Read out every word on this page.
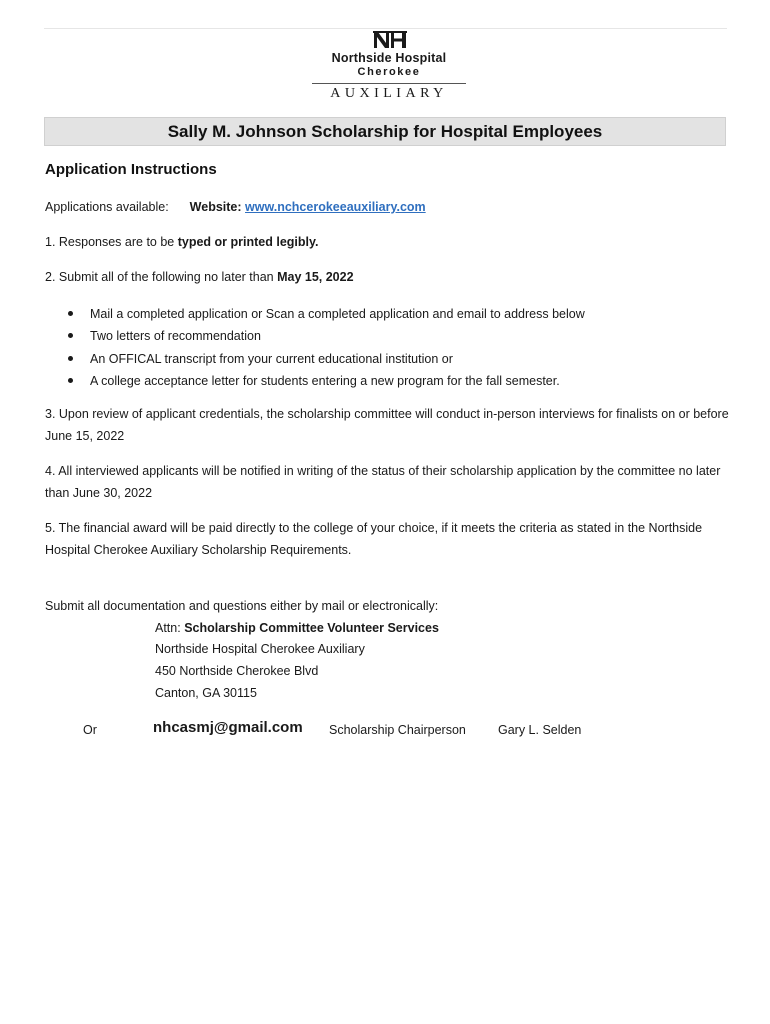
Northside Hospital
Cherokee
AUXILIARY
Sally M. Johnson Scholarship for Hospital Employees
Application Instructions
Applications available: Website: www.nchcerokeeauxiliary.com
1. Responses are to be typed or printed legibly.
2. Submit all of the following no later than May 15, 2022
Mail a completed application or Scan a completed application and email to address below
Two letters of recommendation
An OFFICAL transcript from your current educational institution or
A college acceptance letter for students entering a new program for the fall semester.
3. Upon review of applicant credentials, the scholarship committee will conduct in-person interviews for finalists on or before June 15, 2022
4. All interviewed applicants will be notified in writing of the status of their scholarship application by the committee no later than June 30, 2022
5. The financial award will be paid directly to the college of your choice, if it meets the criteria as stated in the Northside Hospital Cherokee Auxiliary Scholarship Requirements.
Submit all documentation and questions either by mail or electronically:
Attn: Scholarship Committee Volunteer Services
Northside Hospital Cherokee Auxiliary
450 Northside Cherokee Blvd
Canton, GA 30115
Or	nhcasmj@gmail.com Scholarship Chairperson	Gary L. Selden
